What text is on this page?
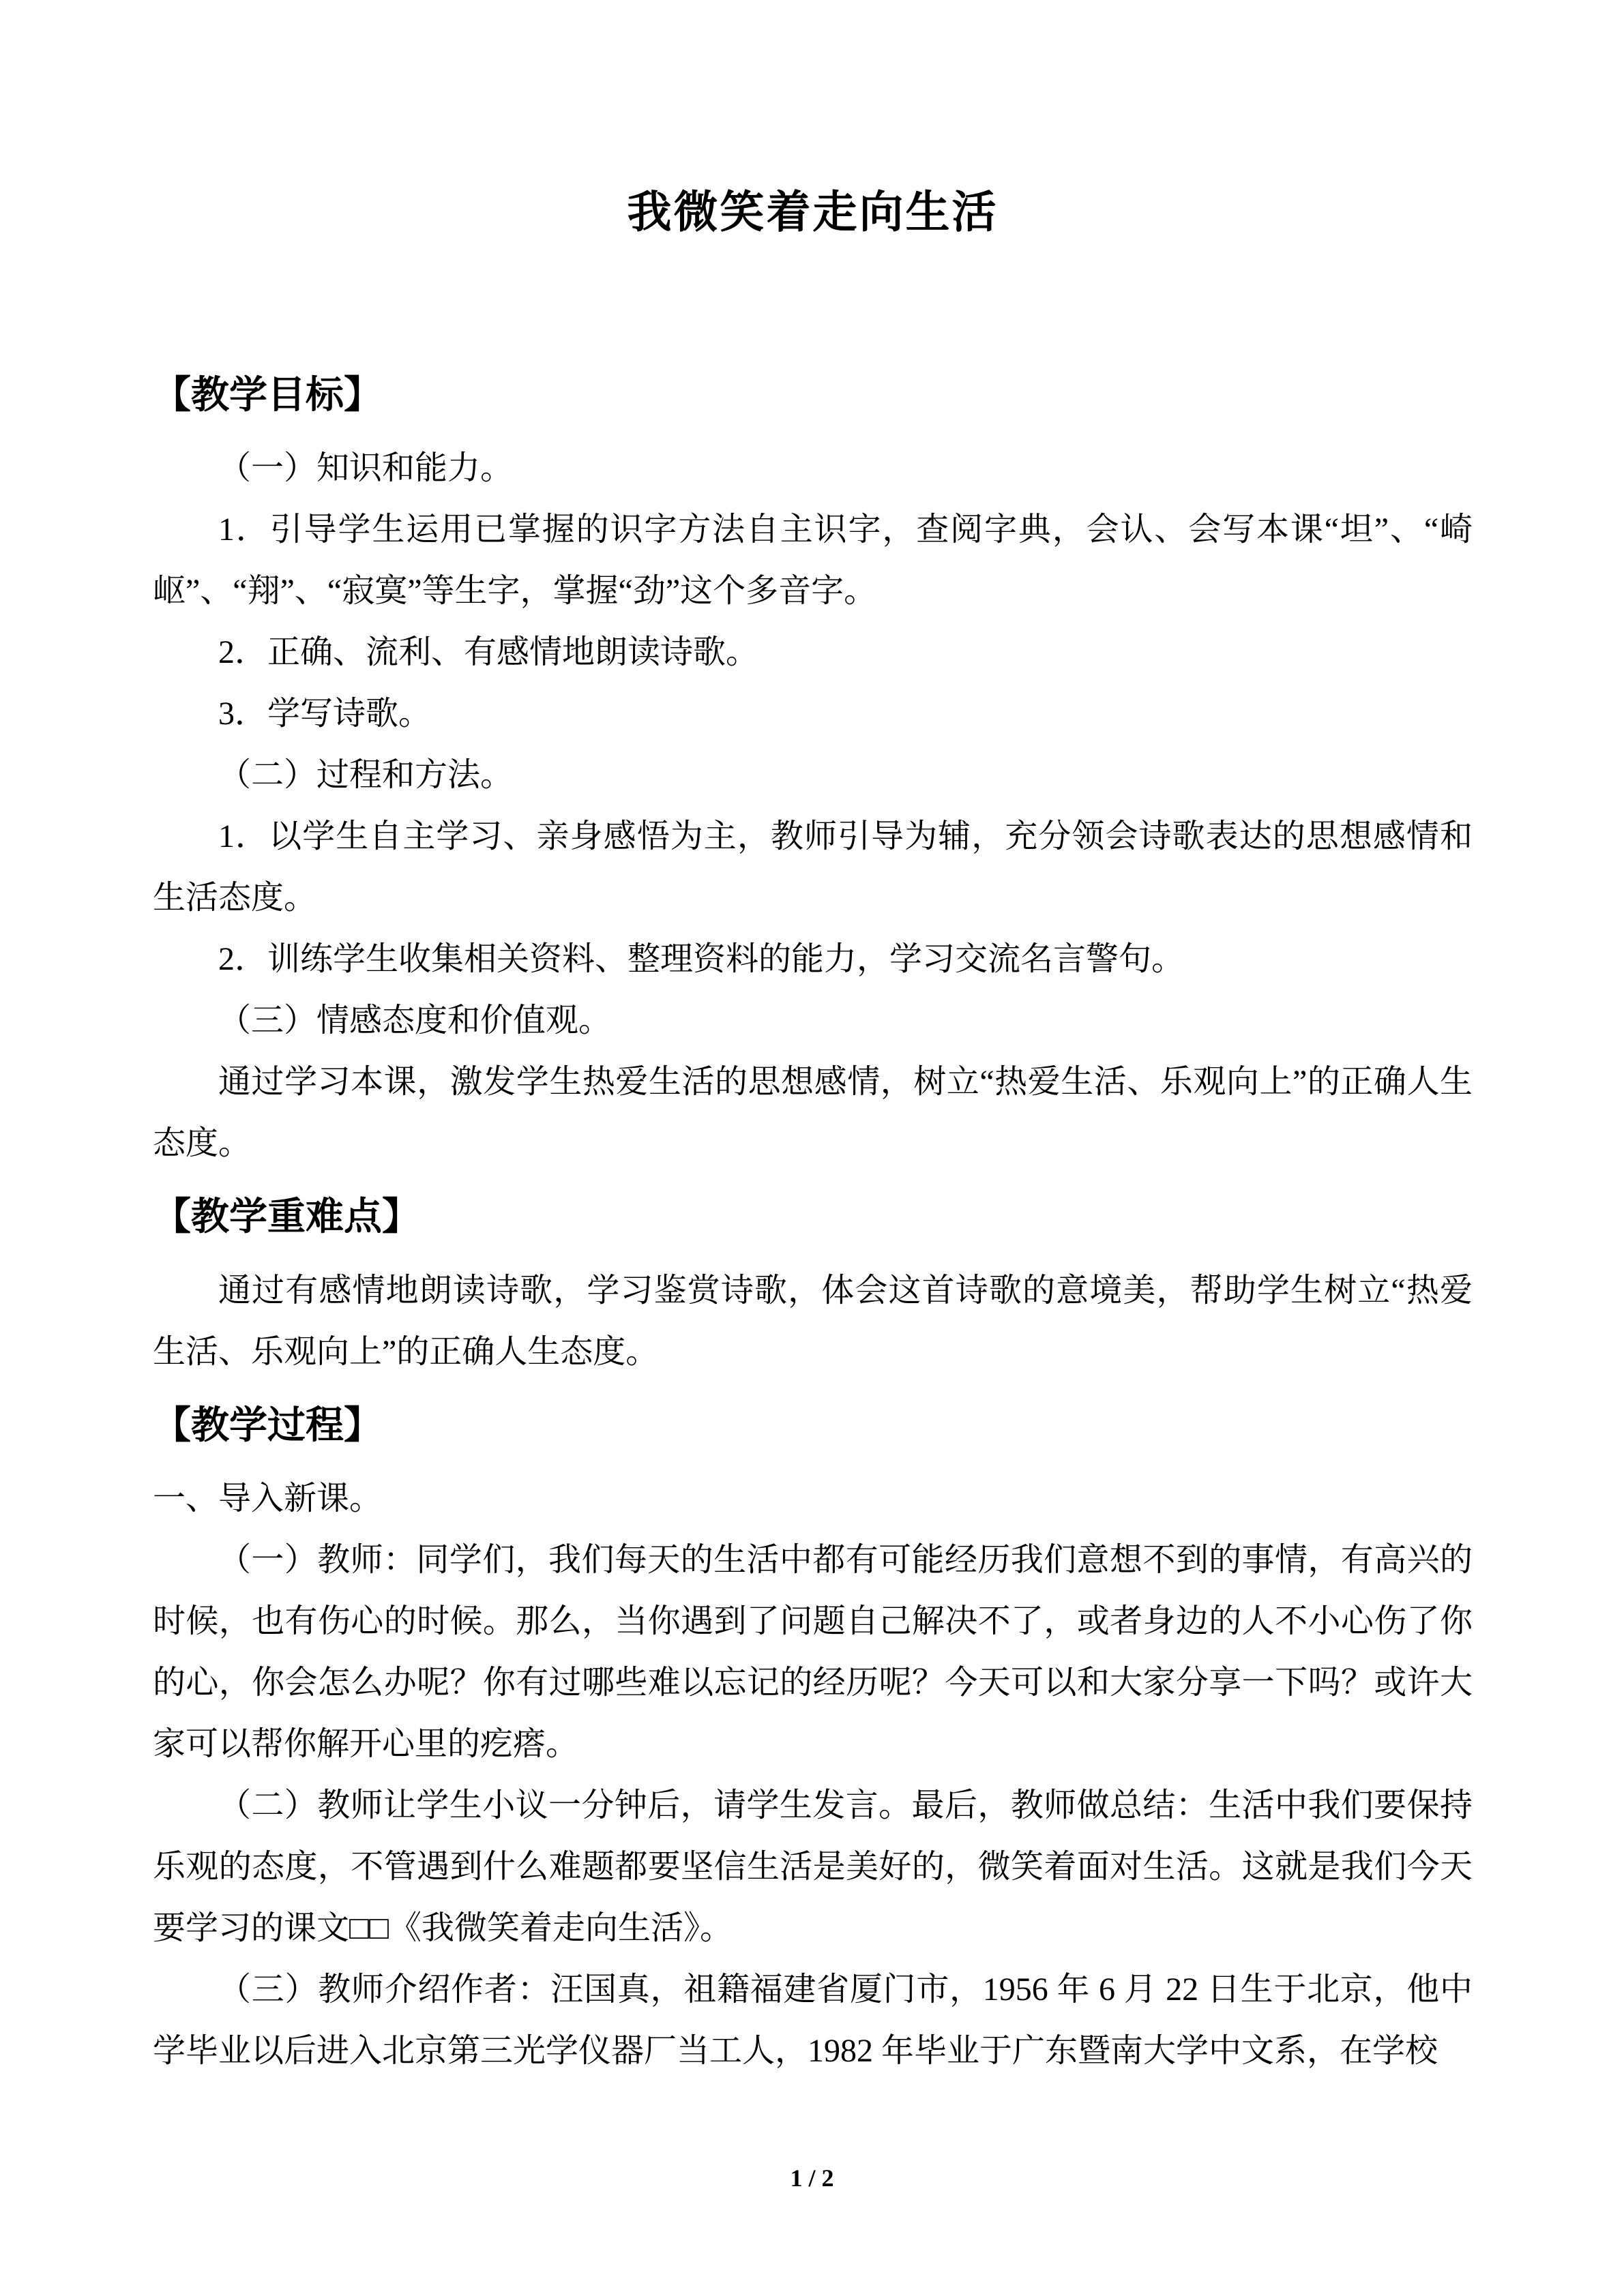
我微笑着走向生活
【教学目标】

（一）知识和能力。

1．引导学生运用已掌握的识字方法自主识字，查阅字典，会认、会写本课“坦”、“崎岖”、“翔”、“寂寞”等生字，掌握“劲”这个多音字。

2．正确、流利、有感情地朗读诗歌。

3．学写诗歌。

（二）过程和方法。

1．以学生自主学习、亲身感悟为主，教师引导为辅，充分领会诗歌表达的思想感情和生活态度。

2．训练学生收集相关资料、整理资料的能力，学习交流名言警句。

（三）情感态度和价值观。

通过学习本课，激发学生热爱生活的思想感情，树立“热爱生活、乐观向上”的正确人生态度。

【教学重难点】

通过有感情地朗读诗歌，学习鉴赏诗歌，体会这首诗歌的意境美，帮助学生树立“热爱生活、乐观向上”的正确人生态度。

【教学过程】

一、导入新课。

（一）教师：同学们，我们每天的生活中都有可能经历我们意想不到的事情，有高兴的时候，也有伤心的时候。那么，当你遇到了问题自己解决不了，或者身边的人不小心伤了你的心，你会怎么办呢？你有过哪些难以忘记的经历呢？今天可以和大家分享一下吗？或许大家可以帮你解开心里的疙瘩。

（二）教师让学生小议一分钟后，请学生发言。最后，教师做总结：生活中我们要保持乐观的态度，不管遇到什么难题都要坚信生活是美好的，微笑着面对生活。这就是我们今天要学习的课文□□《我微笑着走向生活》。

（三）教师介绍作者：汪国真，祖籍福建省厦门市，1956 年 6 月 22 日生于北京，他中学毕业以后进入北京第三光学仪器厂当工人，1982 年毕业于广东暨南大学中文系，在学校

1 / 2
